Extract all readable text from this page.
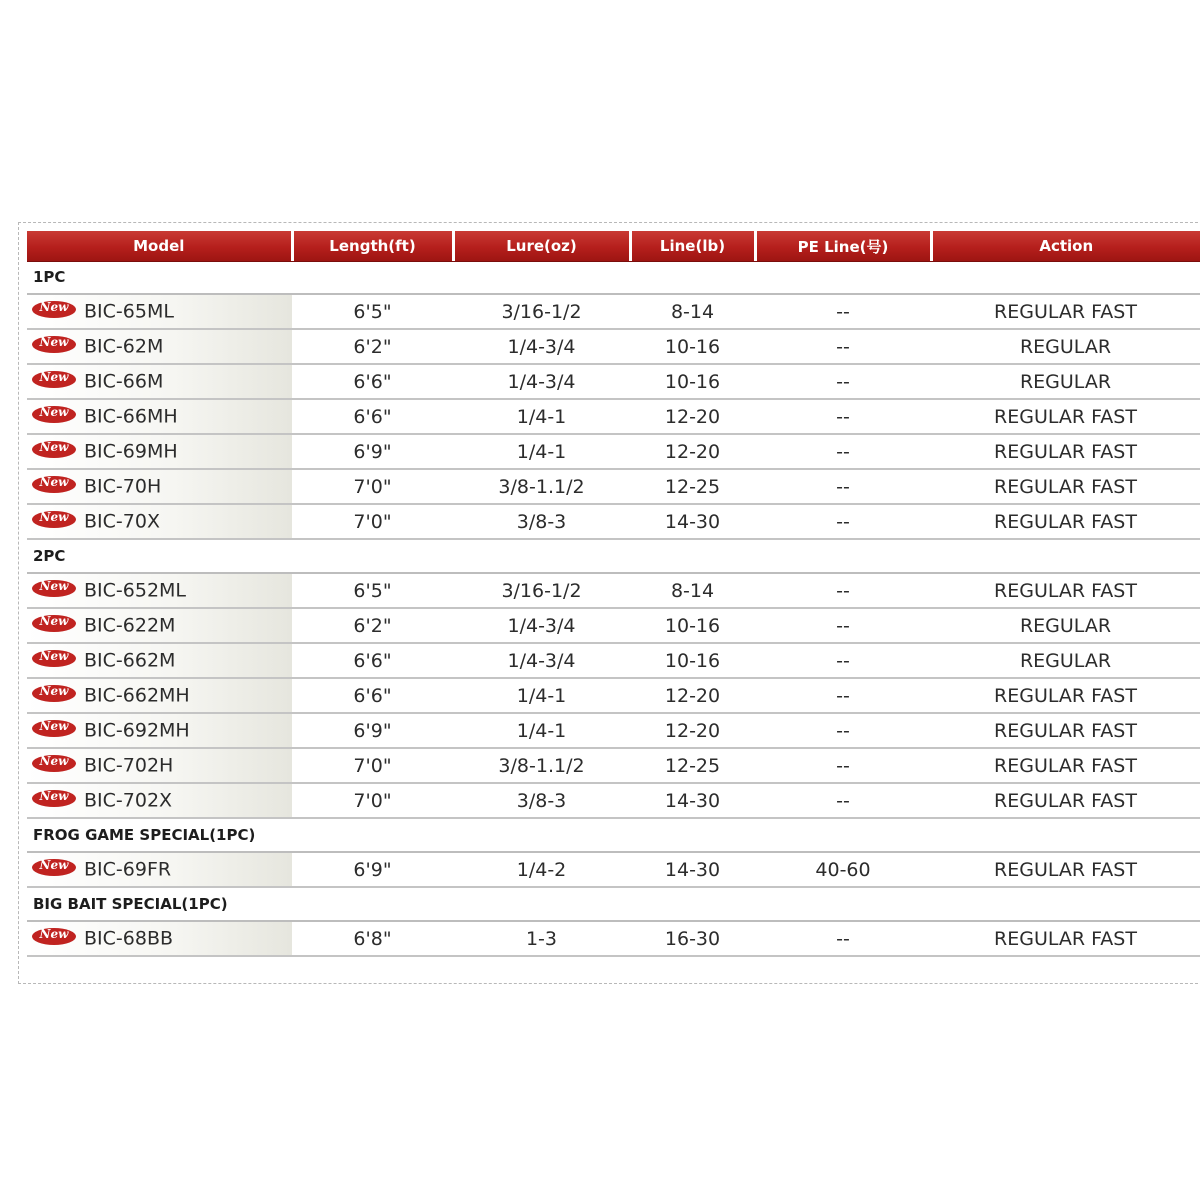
Model	Length(ft)	Lure(oz)	Line(lb)	PE Line(号)	Action
1PC					

New BIC-65ML	6'5"	3/16-1/2	8-14	--	REGULAR FAST

New BIC-62M	6'2"	1/4-3/4	10-16	--	REGULAR

New BIC-66M	6'6"	1/4-3/4	10-16	--	REGULAR

New BIC-66MH	6'6"	1/4-1	12-20	--	REGULAR FAST

New BIC-69MH	6'9"	1/4-1	12-20	--	REGULAR FAST

New BIC-70H	7'0"	3/8-1.1/2	12-25	--	REGULAR FAST

New BIC-70X	7'0"	3/8-3	14-30	--	REGULAR FAST
2PC					

New BIC-652ML	6'5"	3/16-1/2	8-14	--	REGULAR FAST

New BIC-622M	6'2"	1/4-3/4	10-16	--	REGULAR

New BIC-662M	6'6"	1/4-3/4	10-16	--	REGULAR

New BIC-662MH	6'6"	1/4-1	12-20	--	REGULAR FAST

New BIC-692MH	6'9"	1/4-1	12-20	--	REGULAR FAST

New BIC-702H	7'0"	3/8-1.1/2	12-25	--	REGULAR FAST

New BIC-702X	7'0"	3/8-3	14-30	--	REGULAR FAST
FROG GAME SPECIAL(1PC)					

New BIC-69FR	6'9"	1/4-2	14-30	40-60	REGULAR FAST
BIG BAIT SPECIAL(1PC)					

New BIC-68BB	6'8"	1-3	16-30	--	REGULAR FAST
